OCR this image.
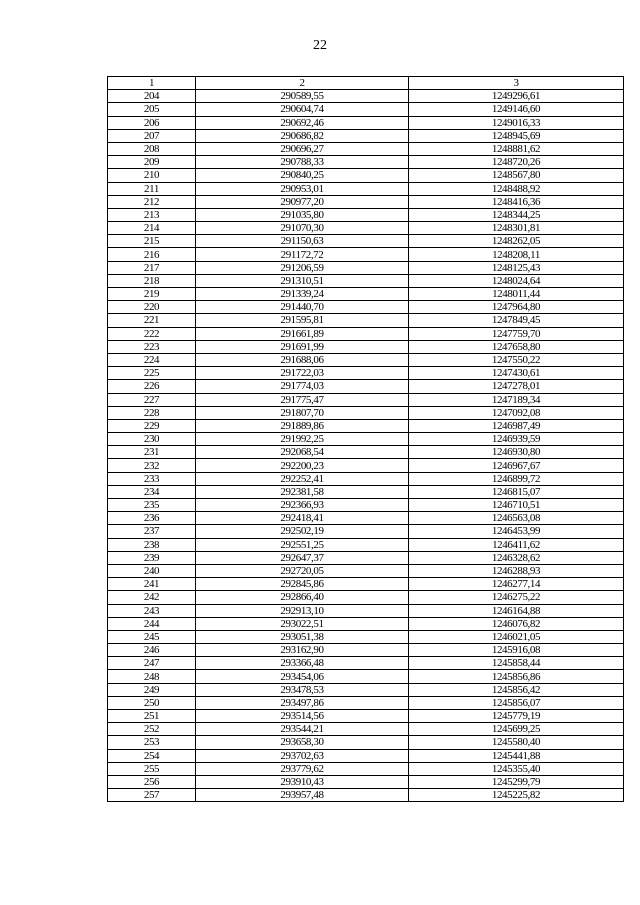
22
1	2	3
204	290589,55	1249296,61
205	290604,74	1249146,60
206	290692,46	1249016,33
207	290686,82	1248945,69
208	290696,27	1248881,62
209	290788,33	1248720,26
210	290840,25	1248567,80
211	290953,01	1248488,92
212	290977,20	1248416,36
213	291035,80	1248344,25
214	291070,30	1248301,81
215	291150,63	1248262,05
216	291172,72	1248208,11
217	291206,59	1248125,43
218	291310,51	1248024,64
219	291339,24	1248011,44
220	291440,70	1247964,80
221	291595,81	1247849,45
222	291661,89	1247759,70
223	291691,99	1247658,80
224	291688,06	1247550,22
225	291722,03	1247430,61
226	291774,03	1247278,01
227	291775,47	1247189,34
228	291807,70	1247092,08
229	291889,86	1246987,49
230	291992,25	1246939,59
231	292068,54	1246930,80
232	292200,23	1246967,67
233	292252,41	1246899,72
234	292381,58	1246815,07
235	292366,93	1246710,51
236	292418,41	1246563,08
237	292502,19	1246453,99
238	292551,25	1246411,62
239	292647,37	1246328,62
240	292720,05	1246288,93
241	292845,86	1246277,14
242	292866,40	1246275,22
243	292913,10	1246164,88
244	293022,51	1246076,82
245	293051,38	1246021,05
246	293162,90	1245916,08
247	293366,48	1245858,44
248	293454,06	1245856,86
249	293478,53	1245856,42
250	293497,86	1245856,07
251	293514,56	1245779,19
252	293544,21	1245699,25
253	293658,30	1245580,40
254	293702,63	1245441,88
255	293779,62	1245355,40
256	293910,43	1245299,79
257	293957,48	1245225,82
